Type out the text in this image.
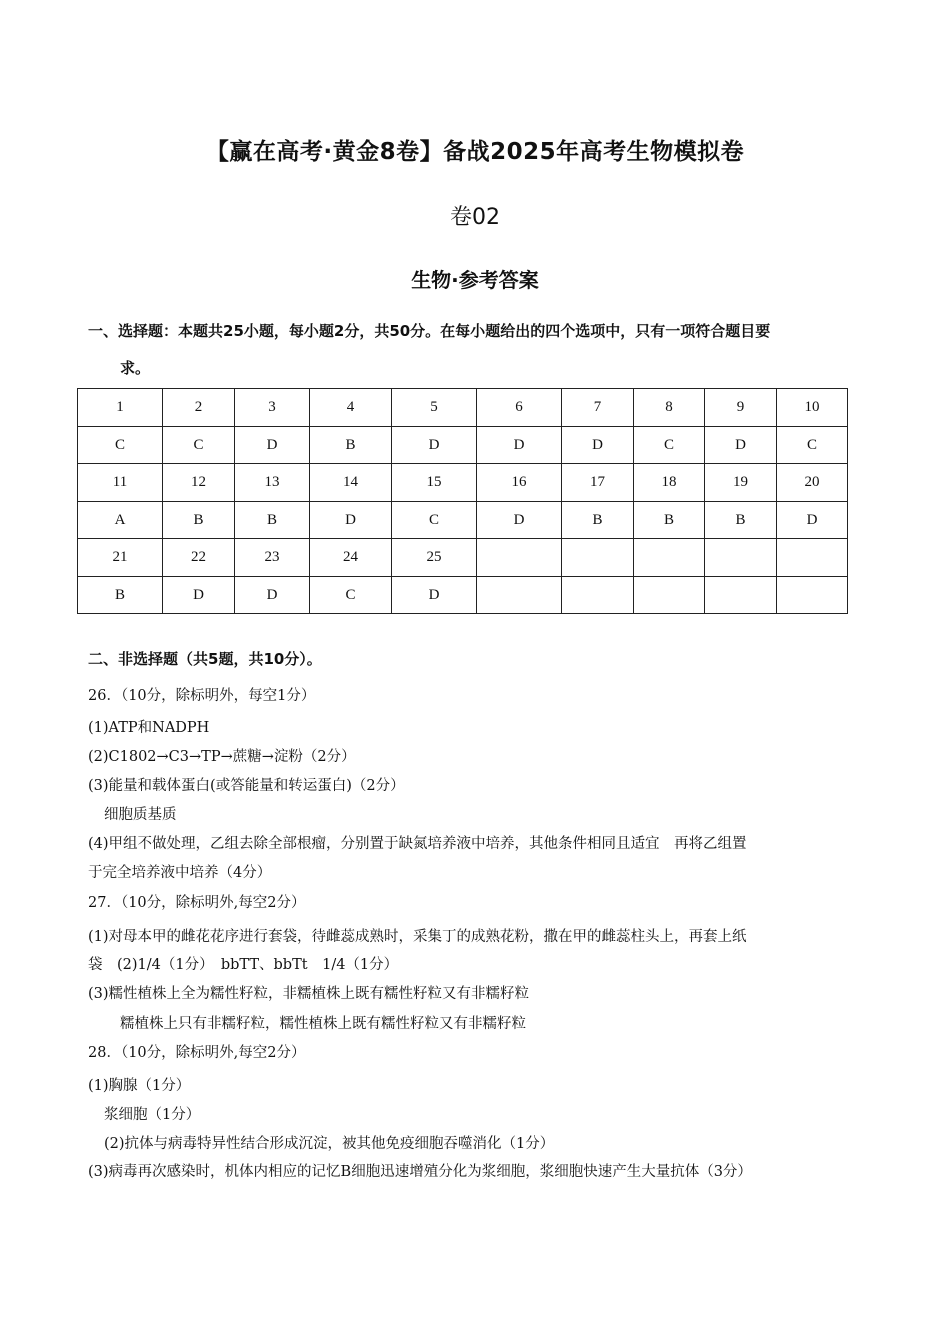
【赢在高考·黄金8卷】备战2025年高考生物模拟卷
卷02
生物·参考答案
一、选择题：本题共25小题，每小题2分，共50分。在每小题给出的四个选项中，只有一项符合题目要
求。
1	2	3	4	5	6	7	8	9	10
C	C	D	B	D	D	D	C	D	C
11	12	13	14	15	16	17	18	19	20
A	B	B	D	C	D	B	B	B	D
21	22	23	24	25					
B	D	D	C	D					
二、非选择题（共5题，共10分）。
26．（10分，除标明外，每空1分）
(1)ATP和NADPH
(2)C1802→C3→TP→蔗糖→淀粉（2分）
(3)能量和载体蛋白(或答能量和转运蛋白)（2分）
细胞质基质
(4)甲组不做处理，乙组去除全部根瘤，分别置于缺氮培养液中培养，其他条件相同且适宜　再将乙组置
于完全培养液中培养（4分）
27．（10分，除标明外,每空2分）
(1)对母本甲的雌花花序进行套袋，待雌蕊成熟时，采集丁的成熟花粉，撒在甲的雌蕊柱头上，再套上纸
袋　(2)1/4（1分）　bbTT、bbTt　1/4（1分）
(3)糯性植株上全为糯性籽粒，非糯植株上既有糯性籽粒又有非糯籽粒
糯植株上只有非糯籽粒，糯性植株上既有糯性籽粒又有非糯籽粒
28．（10分，除标明外,每空2分）
(1)胸腺（1分）
浆细胞（1分）
(2)抗体与病毒特异性结合形成沉淀，被其他免疫细胞吞噬消化（1分）
(3)病毒再次感染时，机体内相应的记忆B细胞迅速增殖分化为浆细胞，浆细胞快速产生大量抗体（3分）
